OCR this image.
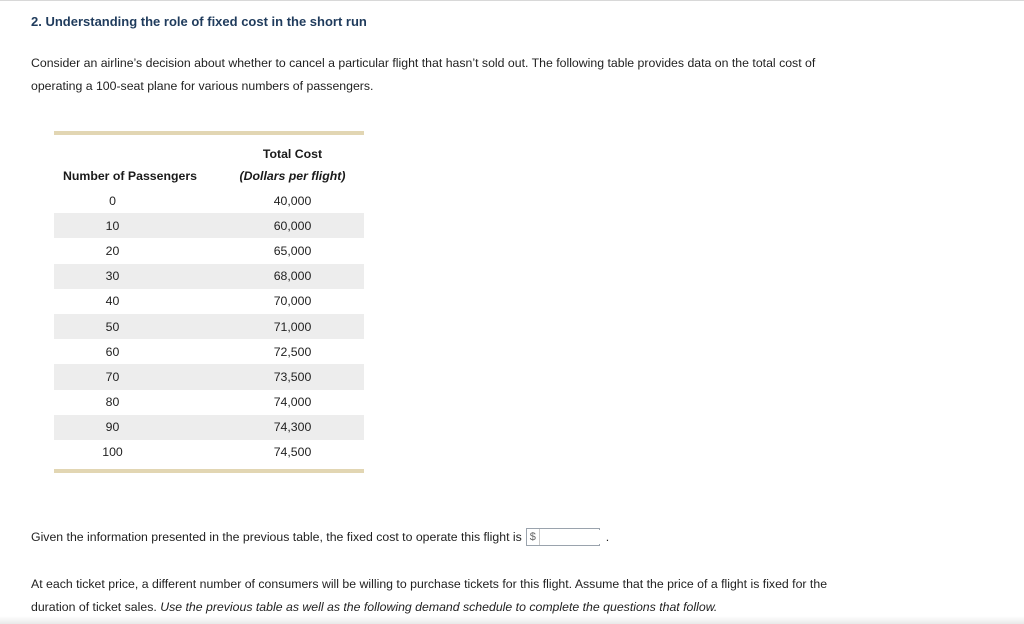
2. Understanding the role of fixed cost in the short run
Consider an airline’s decision about whether to cancel a particular flight that hasn’t sold out. The following table provides data on the total cost of
operating a 100-seat plane for various numbers of passengers.
Total Cost
Number of Passengers	(Dollars per flight)
0	40,000
10	60,000
20	65,000
30	68,000
40	70,000
50	71,000
60	72,500
70	73,500
80	74,000
90	74,300
100	74,500
Given the information presented in the previous table, the fixed cost to operate this flight is $	.
At each ticket price, a different number of consumers will be willing to purchase tickets for this flight. Assume that the price of a flight is fixed for the
duration of ticket sales. Use the previous table as well as the following demand schedule to complete the questions that follow.
